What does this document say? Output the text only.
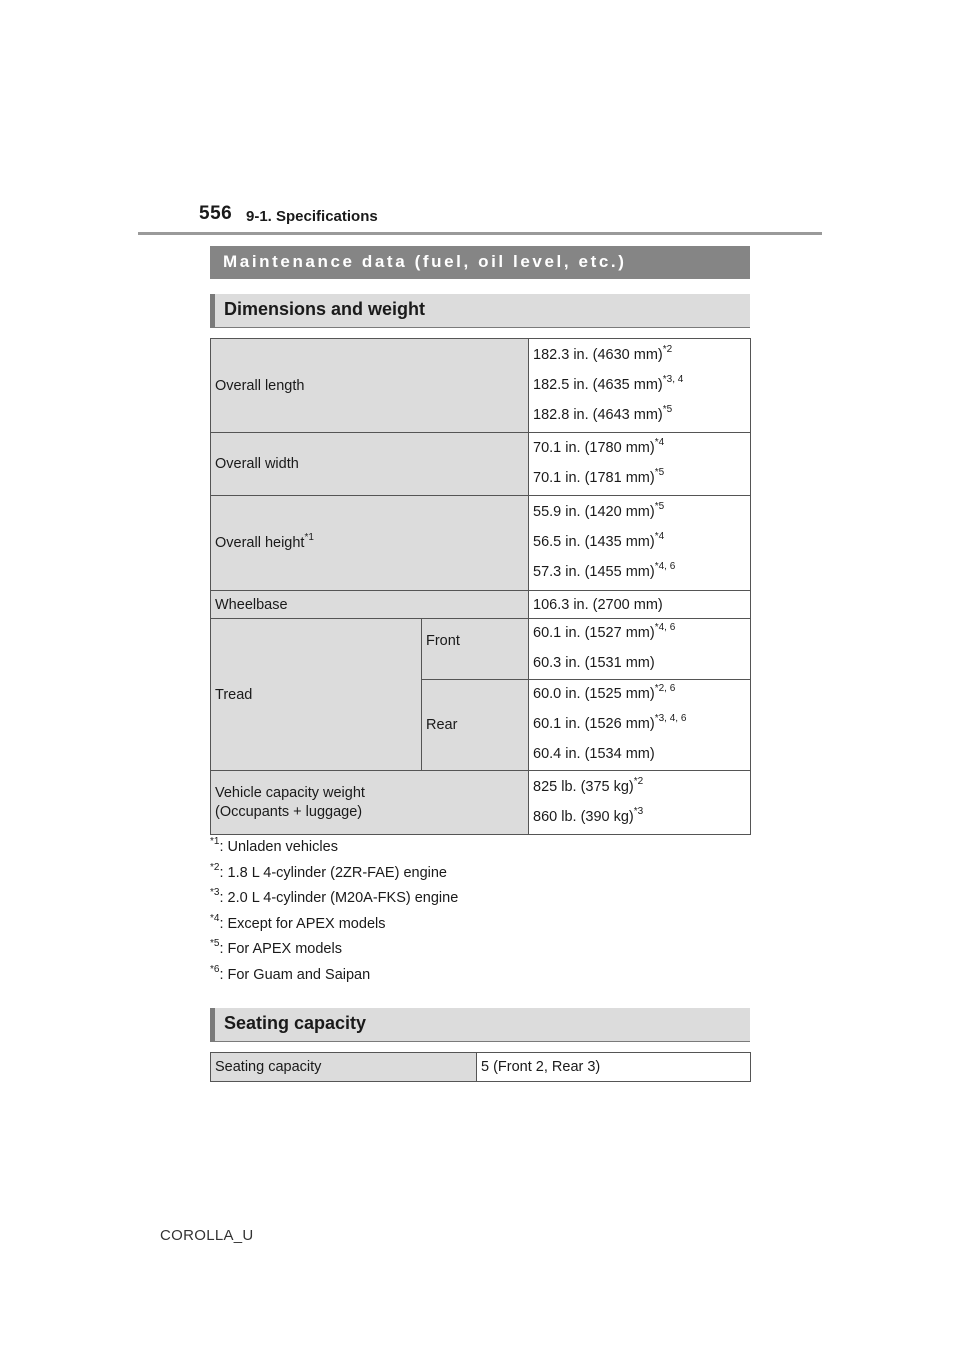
556 9-1. Specifications
Maintenance data (fuel, oil level, etc.)
Dimensions and weight
Overall length		182.3 in. (4630 mm)$^{*2}$
182.5 in. (4635 mm)$^{*3, 4}$
182.8 in. (4643 mm)$^{*5}$

Overall width		70.1 in. (1780 mm)$^{*4}$
70.1 in. (1781 mm)$^{*5}$

Overall height$^{*1}$		55.9 in. (1420 mm)$^{*5}$
56.5 in. (1435 mm)$^{*4}$
57.3 in. (1455 mm)$^{*4, 6}$

Wheelbase		106.3 in. (2700 mm)
Tread	Front	60.1 in. (1527 mm)$^{*4, 6}$
60.3 in. (1531 mm)

	Rear	60.0 in. (1525 mm)$^{*2, 6}$
60.1 in. (1526 mm)$^{*3, 4, 6}$
60.4 in. (1534 mm)

Vehicle capacity weight
(Occupants + luggage)		825 lb. (375 kg)$^{*2}$
860 lb. (390 kg)$^{*3}$
$^{*1}$: Unladen vehicles
$^{*2}$: 1.8 L 4-cylinder (2ZR-FAE) engine
$^{*3}$: 2.0 L 4-cylinder (M20A-FKS) engine
$^{*4}$: Except for APEX models
$^{*5}$: For APEX models
$^{*6}$: For Guam and Saipan
Seating capacity
Seating capacity	5 (Front 2, Rear 3)
COROLLA_U
